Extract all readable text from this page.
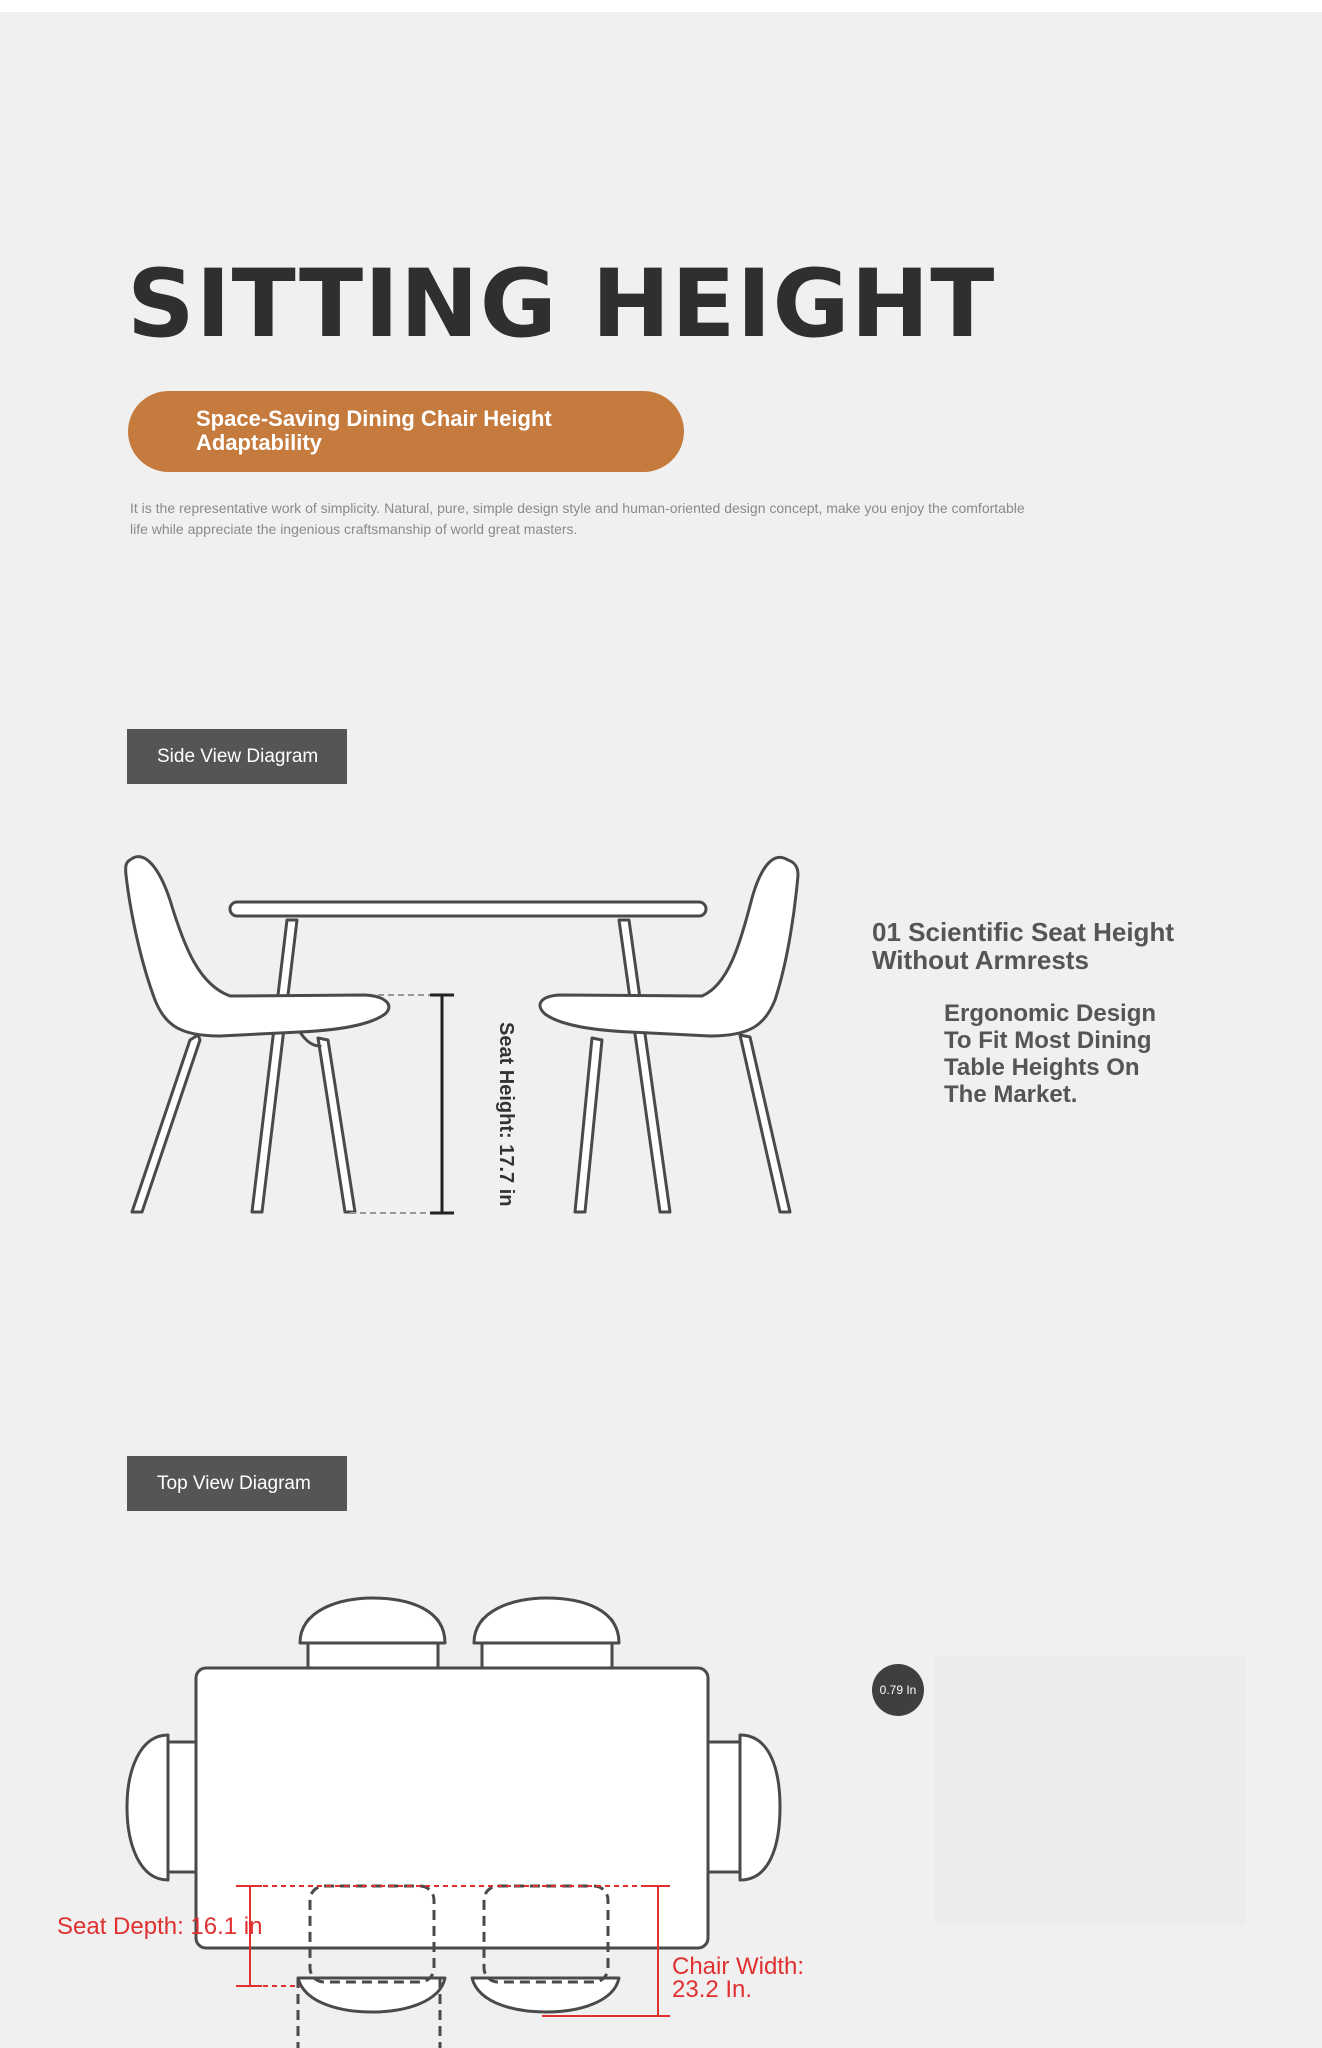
SITTING HEIGHT
Space-Saving Dining Chair Height Adaptability

It is the representative work of simplicity. Natural, pure, simple design style and human-oriented design concept, make you enjoy the comfortable life while appreciate the ingenious craftsmanship of world great masters.

Side View Diagram
Seat Height: 17.7 in
01 Scientific Seat Height Without Armrests
Ergonomic Design To Fit Most Dining Table Heights On The Market.
Top View Diagram
0.79 In
Seat Depth: 16.1 in
Chair Width: 23.2 In.
